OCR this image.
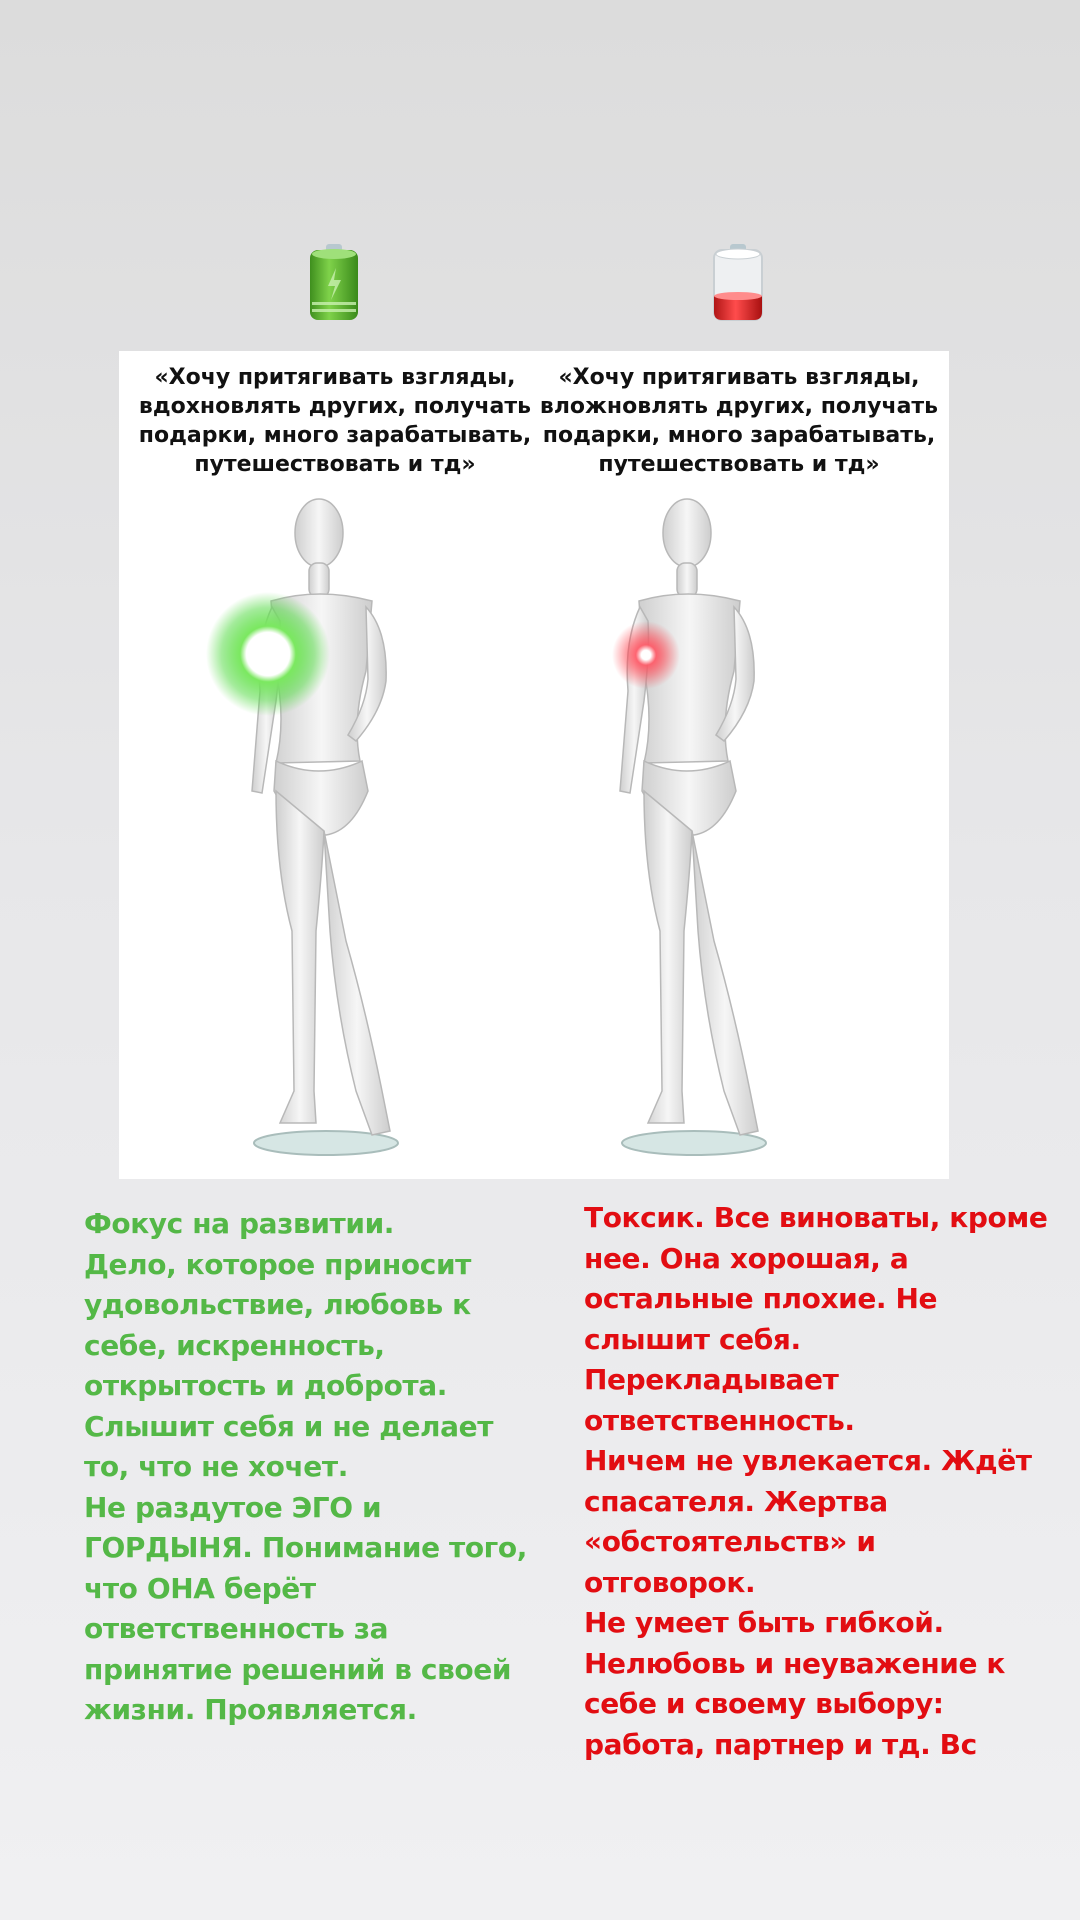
«Хочу притягивать взгляды, вдохновлять других, получать подарки, много зарабатывать, путешествовать и тд»

«Хочу притягивать взгляды, вложновлять других, получать подарки, много зарабатывать, путешествовать и тд»

Фокус на развитии.
Дело, которое приносит
удовольствие, любовь к
себе, искренность,
открытость и доброта.
Слышит себя и не делает
то, что не хочет.
Не раздутое ЭГО и
ГОРДЫНЯ. Понимание того,
что ОНА берёт
ответственность за
принятие решений в своей
жизни. Проявляется.

Токсик. Все виноваты, кроме
нее. Она хорошая, а
остальные плохие. Не
слышит себя.
Перекладывает
ответственность.
Ничем не увлекается. Ждёт
спасателя. Жертва
«обстоятельств» и
отговорок.
Не умеет быть гибкой.
Нелюбовь и неуважение к
себе и своему выбору:
работа, партнер и тд. Вс
